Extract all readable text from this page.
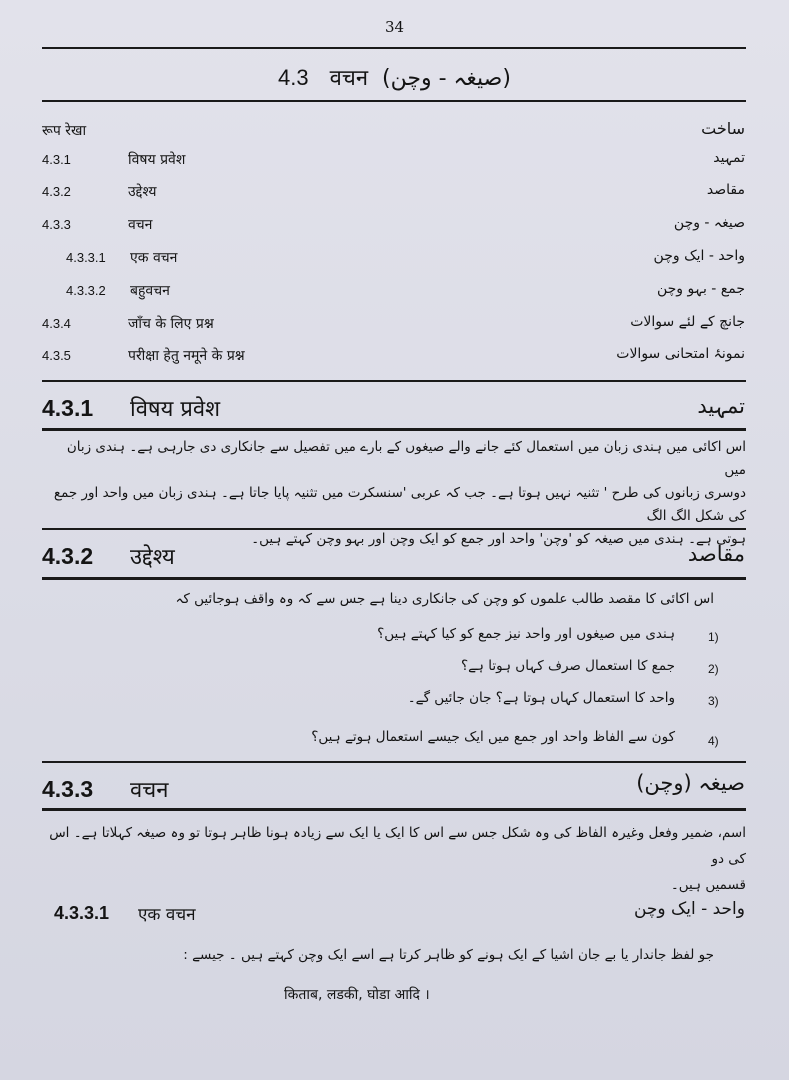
34
4.3 वचन (صیغہ - وچن)
रूप रेखा	ساخت
4.3.1	विषय प्रवेश	تمہید
4.3.2	उद्देश्य	مقاصد
4.3.3	वचन	صیغہ - وچن
4.3.3.1 एक वचन	واحد - ایک وچن
4.3.3.2 बहुवचन	جمع - بہو وچن
4.3.4	जाँच के लिए प्रश्न	جانچ کے لئے سوالات
4.3.5	परीक्षा हेतु नमूने के प्रश्न	نمونۂ امتحانی سوالات
4.3.1 विषय प्रवेश	تمہید
اس اکائی میں ہندی زبان میں استعمال کئے جانے والے صیغوں کے بارے میں تفصیل سے جانکاری دی جارہی ہے۔ ہندی زبان میں
دوسری زبانوں کی طرح ' تثنیہ نہیں ہوتا ہے۔ جب کہ عربی 'سنسکرت میں تثنیہ پایا جاتا ہے۔ ہندی زبان میں واحد اور جمع کی شکل الگ الگ
ہوتی ہے۔ ہندی میں صیغہ کو 'وچن' واحد اور جمع کو ایک وچن اور بہو وچن کہتے ہیں۔
4.3.2 उद्देश्य	مقاصد
اس اکائی کا مقصد طالب علموں کو وچن کی جانکاری دینا ہے جس سے کہ وہ واقف ہوجائیں کہ
1)
ہندی میں صیغوں اور واحد نیز جمع کو کیا کہتے ہیں؟
2)
جمع کا استعمال صرف کہاں ہوتا ہے؟
3)
واحد کا استعمال کہاں ہوتا ہے؟ جان جائیں گے۔
4)
کون سے الفاظ واحد اور جمع میں ایک جیسے استعمال ہوتے ہیں؟
4.3.3 वचन	صیغہ (وچن)
اسم، ضمیر وفعل وغیرہ الفاظ کی وہ شکل جس سے اس کا ایک یا ایک سے زیادہ ہونا ظاہر ہوتا تو وہ صیغہ کہلاتا ہے۔ اس کی دو
قسمیں ہیں۔
4.3.3.1 एक वचन	واحد - ایک وچن
جو لفظ جاندار یا بے جان اشیا کے ایک ہونے کو ظاہر کرتا ہے اسے ایک وچن کہتے ہیں ۔ جیسے :
किताब, लडकी, घोडा आदि ।
